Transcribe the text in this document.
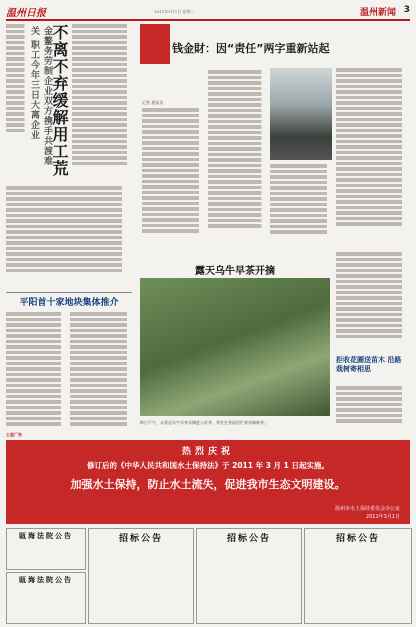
温州日报	2011年3月1日 星期二	温州新闻 3
金鳌务劳制企业双方携手共渡难关 职工今年三日大离企业 不离不弃缓解用工荒
平阳首十家地块集体推介
钱金財：因“责任”两字重新站起
记者 通讯员
露天乌牛早茶开摘
昨日下午，永嘉县乌牛早茶采摘进入旺季，茶农在茶园里忙着采摘新茶。
拒收花圈送苗木 沿路栽树寄相思
公益广告
热烈庆祝
修订后的《中华人民共和国水土保持法》于 2011 年 3 月 1 日起实施。
加强水土保持，防止水土流失，促进我市生态文明建设。
温州市水土保持委员会办公室
2011年3月1日
瓯海法院公告
瓯海法院公告
招标公告	招标公告	招标公告
